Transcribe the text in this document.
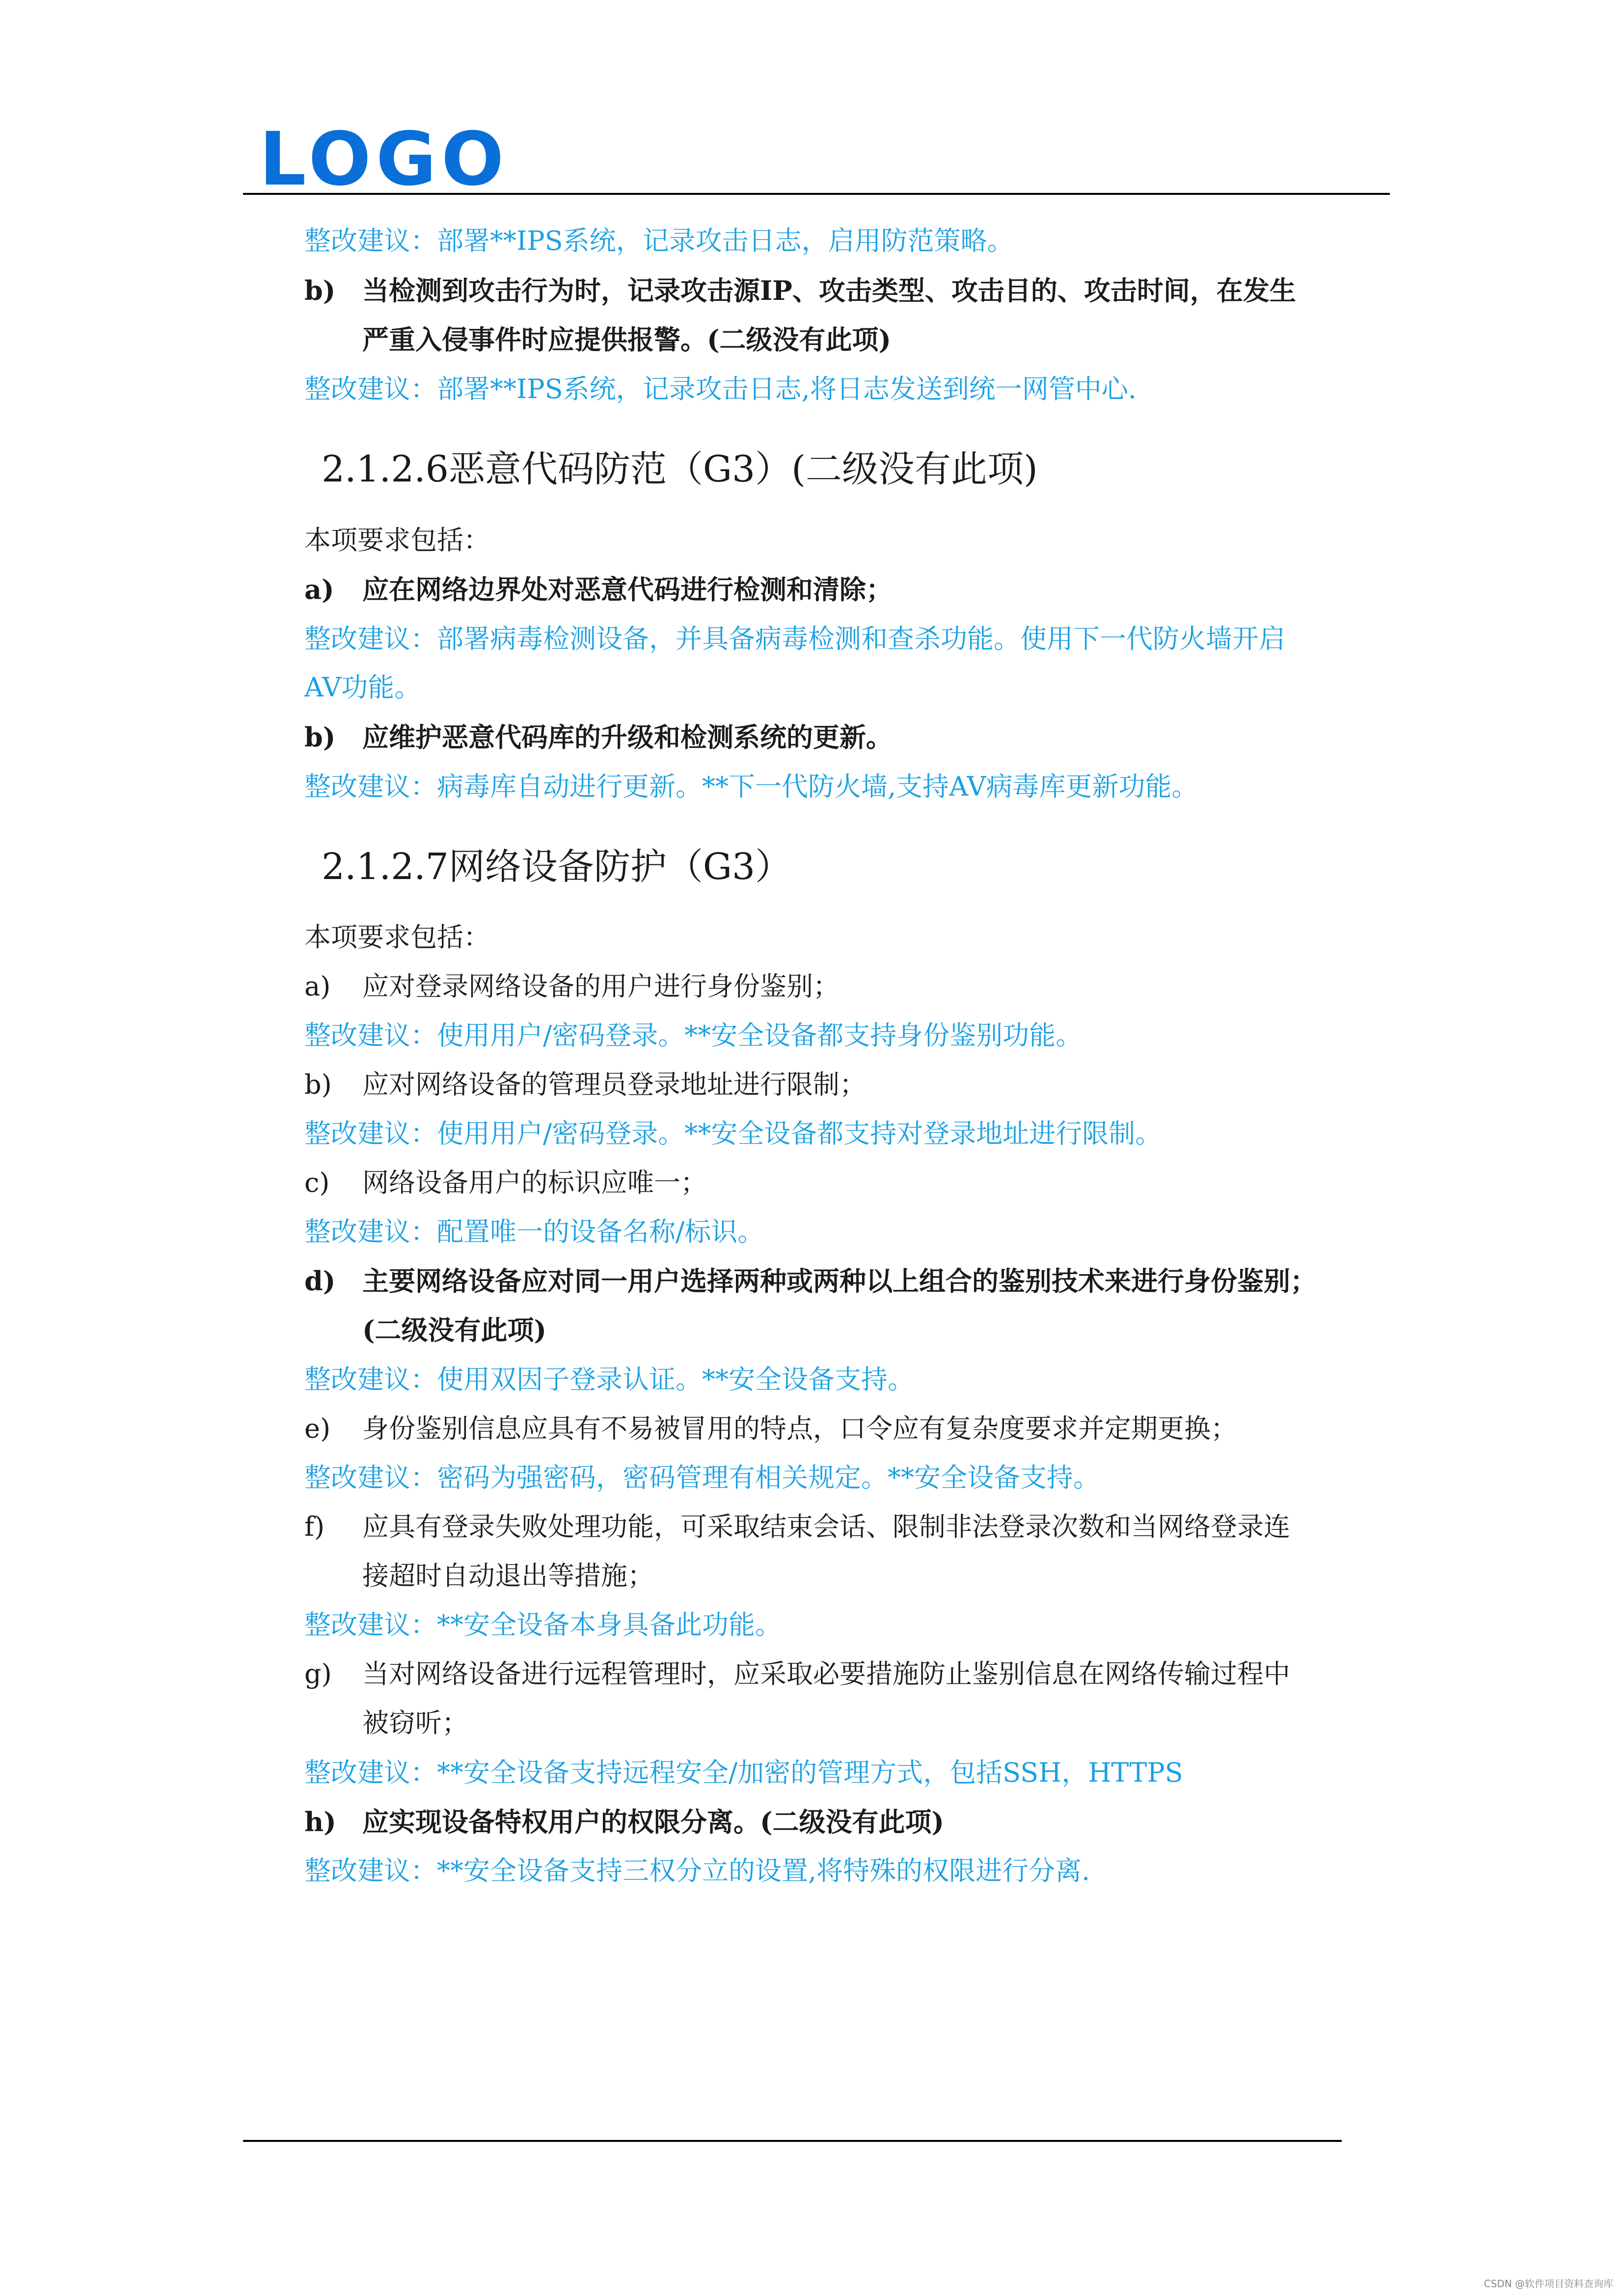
LOGO
整改建议：部署**IPS系统，记录攻击日志，启用防范策略。
b) 当检测到攻击行为时，记录攻击源IP、攻击类型、攻击目的、攻击时间，在发生
严重入侵事件时应提供报警。(二级没有此项)
整改建议：部署**IPS系统，记录攻击日志,将日志发送到统一网管中心.
2.1.2.6恶意代码防范（G3）(二级没有此项)
本项要求包括：
a) 应在网络边界处对恶意代码进行检测和清除；
整改建议：部署病毒检测设备，并具备病毒检测和查杀功能。使用下一代防火墙开启
AV功能。
b) 应维护恶意代码库的升级和检测系统的更新。
整改建议：病毒库自动进行更新。**下一代防火墙,支持AV病毒库更新功能。
2.1.2.7网络设备防护（G3）
本项要求包括：
a) 应对登录网络设备的用户进行身份鉴别；
整改建议：使用用户/密码登录。**安全设备都支持身份鉴别功能。
b) 应对网络设备的管理员登录地址进行限制；
整改建议：使用用户/密码登录。**安全设备都支持对登录地址进行限制。
c) 网络设备用户的标识应唯一；
整改建议：配置唯一的设备名称/标识。
d) 主要网络设备应对同一用户选择两种或两种以上组合的鉴别技术来进行身份鉴别；
(二级没有此项)
整改建议：使用双因子登录认证。**安全设备支持。
e) 身份鉴别信息应具有不易被冒用的特点，口令应有复杂度要求并定期更换；
整改建议：密码为强密码，密码管理有相关规定。**安全设备支持。
f) 应具有登录失败处理功能，可采取结束会话、限制非法登录次数和当网络登录连
接超时自动退出等措施；
整改建议：**安全设备本身具备此功能。
g) 当对网络设备进行远程管理时，应采取必要措施防止鉴别信息在网络传输过程中
被窃听；
整改建议：**安全设备支持远程安全/加密的管理方式，包括SSH，HTTPS
h) 应实现设备特权用户的权限分离。(二级没有此项)
整改建议：**安全设备支持三权分立的设置,将特殊的权限进行分离.
CSDN @软件项目资料查询库
